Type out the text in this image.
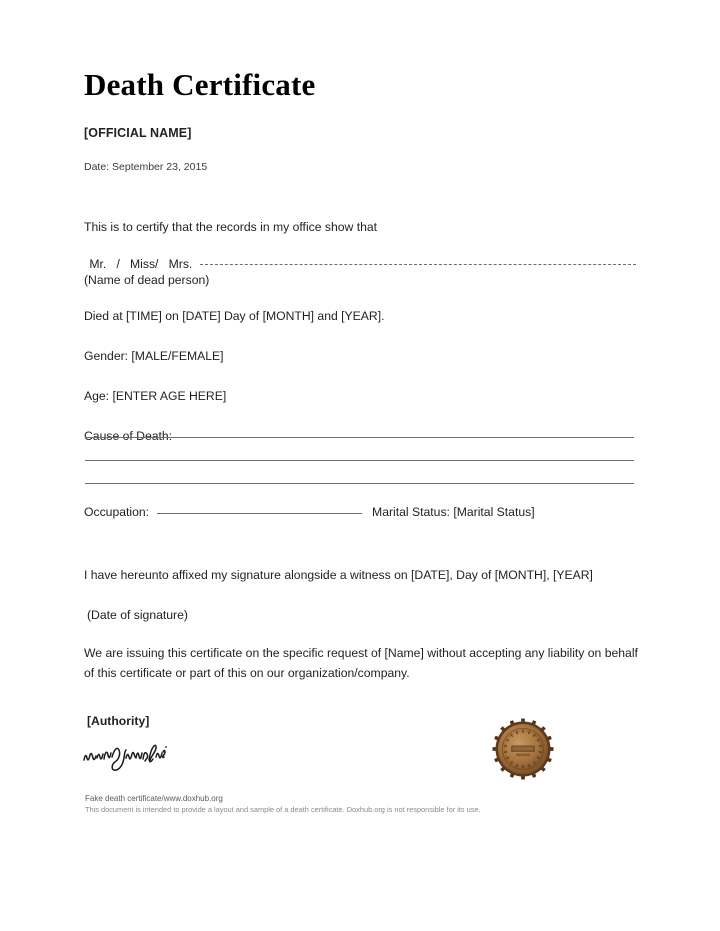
Death Certificate
[OFFICIAL NAME]
Date: September 23, 2015

This is to certify that the records in my office show that

Mr.   /   Miss/   Mrs.
(Name of dead person)

Died at [TIME] on [DATE] Day of [MONTH] and [YEAR].

Gender: [MALE/FEMALE]

Age: [ENTER AGE HERE]

Cause of Death:

Occupation:	Marital Status: [Marital Status]

I have hereunto affixed my signature alongside a witness on [DATE], Day of [MONTH], [YEAR]

(Date of signature)

We are issuing this certificate on the specific request of [Name] without accepting any liability on behalf of this certificate or part of this on our organization/company.

[Authority]
Fake death certificate/www.doxhub.org
This document is intended to provide a layout and sample of a death certificate. Doxhub.org is not responsible for its use.
